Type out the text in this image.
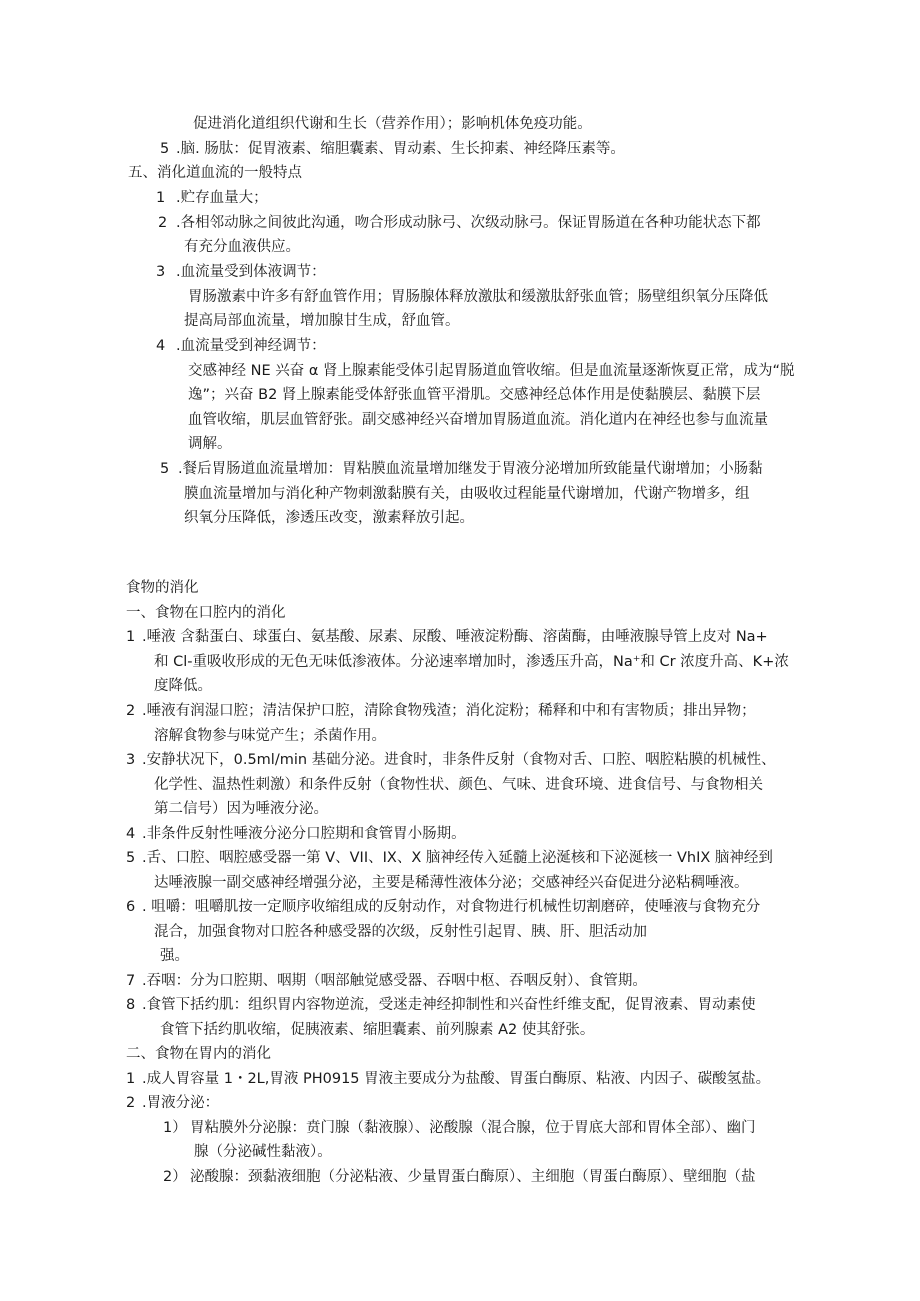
促进消化道组织代谢和生长（营养作用）；影响机体免疫功能。
5 .脑. 肠肽：促胃液素、缩胆囊素、胃动素、生长抑素、神经降压素等。
五、消化道血流的一般特点
1 .贮存血量大；
2 .各相邻动脉之间彼此沟通，吻合形成动脉弓、次级动脉弓。保证胃肠道在各种功能状态下都
有充分血液供应。
3 .血流量受到体液调节：
胃肠激素中许多有舒血管作用；胃肠腺体释放激肽和缓激肽舒张血管；肠壁组织氧分压降低
提高局部血流量，增加腺甘生成，舒血管。
4 .血流量受到神经调节：
交感神经 NE 兴奋 α 肾上腺素能受体引起胃肠道血管收缩。但是血流量逐渐恢夏正常，成为“脱
逸”；兴奋 B2 肾上腺素能受体舒张血管平滑肌。交感神经总体作用是使黏膜层、黏膜下层
血管收缩，肌层血管舒张。副交感神经兴奋增加胃肠道血流。消化道内在神经也参与血流量
调解。
5 .餐后胃肠道血流量增加：胃粘膜血流量增加继发于胃液分泌增加所致能量代谢增加；小肠黏
膜血流量增加与消化种产物刺激黏膜有关，由吸收过程能量代谢增加，代谢产物增多，组
织氧分压降低，渗透压改变，激素释放引起。
食物的消化
一、食物在口腔内的消化
1 .唾液 含黏蛋白、球蛋白、氨基酸、尿素、尿酸、唾液淀粉酶、溶菌酶，由唾液腺导管上皮对 Na+
和 Cl-重吸收形成的无色无味低渗液体。分泌速率增加时，渗透压升高，Na⁺和 Cr 浓度升高、K+浓
度降低。
2 .唾液有润湿口腔；清洁保护口腔，清除食物残渣；消化淀粉；稀释和中和有害物质；排出异物；
溶解食物参与味觉产生；杀菌作用。
3 .安静状况下，0.5ml/min 基础分泌。进食时，非条件反射（食物对舌、口腔、咽腔粘膜的机械性、
化学性、温热性刺激）和条件反射（食物性状、颜色、气味、进食环境、进食信号、与食物相关
第二信号）因为唾液分泌。
4 .非条件反射性唾液分泌分口腔期和食管胃小肠期。
5 .舌、口腔、咽腔感受器一第 V、VII、IX、X 脑神经传入延髓上泌涎核和下泌涎核一 VhIX 脑神经到
达唾液腺一副交感神经增强分泌，主要是稀薄性液体分泌；交感神经兴奋促进分泌粘稠唾液。
6 . 咀嚼：咀嚼肌按一定顺序收缩组成的反射动作，对食物进行机械性切割磨碎，使唾液与食物充分
混合，加强食物对口腔各种感受器的次级，反射性引起胃、胰、肝、胆活动加
强。
7 .吞咽：分为口腔期、咽期（咽部触觉感受器、吞咽中枢、吞咽反射）、食管期。
8 .食管下括约肌：组织胃内容物逆流，受迷走神经抑制性和兴奋性纤维支配，促胃液素、胃动素使
食管下括约肌收缩，促胰液素、缩胆囊素、前列腺素 A2 使其舒张。
二、食物在胃内的消化
1 .成人胃容量 1・2L,胃液 PH0915 胃液主要成分为盐酸、胃蛋白酶原、粘液、内因子、碳酸氢盐。
2 .胃液分泌：
1） 胃粘膜外分泌腺：贲门腺（黏液腺）、泌酸腺（混合腺，位于胃底大部和胃体全部）、幽门
腺（分泌碱性黏液）。
2） 泌酸腺：颈黏液细胞（分泌粘液、少量胃蛋白酶原）、主细胞（胃蛋白酶原）、壁细胞（盐
